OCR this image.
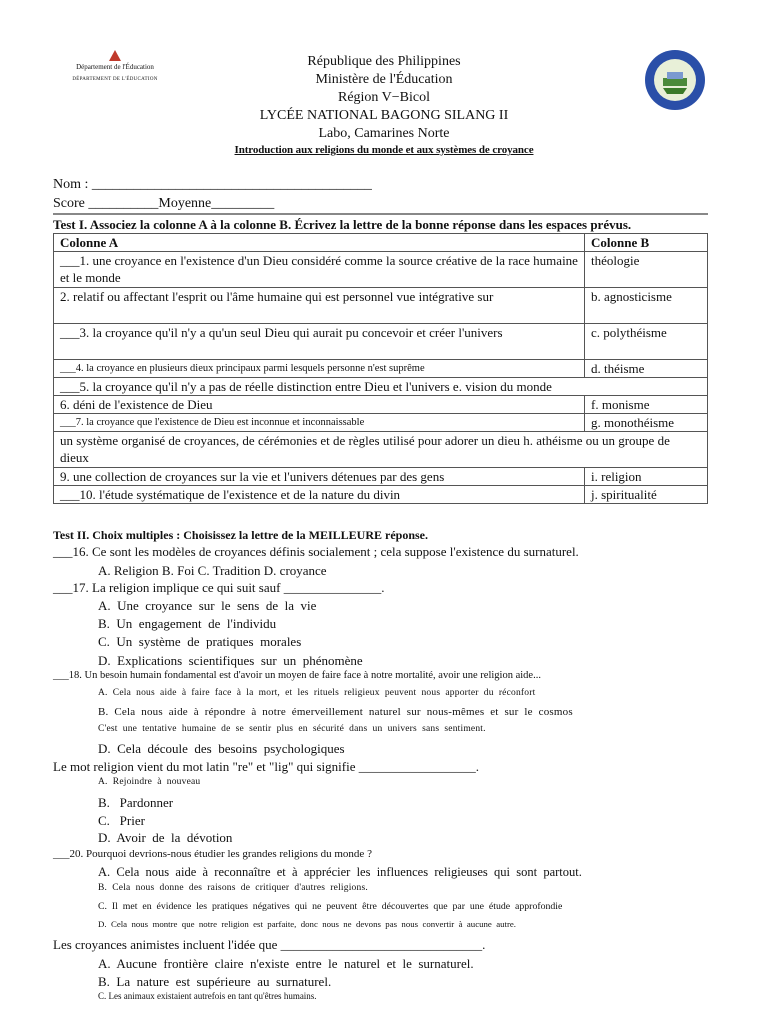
Département de l'Éducation
DÉPARTEMENT DE L'ÉDUCATION
République des Philippines
Ministère de l'Éducation
Région V−Bicol
LYCÉE NATIONAL BAGONG SILANG II
Labo, Camarines Norte
Introduction aux religions du monde et aux systèmes de croyance
Nom : ________________________________________
Score __________Moyenne_________
Test I. Associez la colonne A à la colonne B. Écrivez la lettre de la bonne réponse dans les espaces prévus.
Colonne A	Colonne B
___1. une croyance en l'existence d'un Dieu considéré comme la source créative de la race humaine et le monde	théologie
2. relatif ou affectant l'esprit ou l'âme humaine qui est personnel vue intégrative sur	b. agnosticisme
___3. la croyance qu'il n'y a qu'un seul Dieu qui aurait pu concevoir et créer l'univers	c. polythéisme
___4. la croyance en plusieurs dieux principaux parmi lesquels personne n'est suprême	d. théisme
___5. la croyance qu'il n'y a pas de réelle distinction entre Dieu et l'univers e. vision du monde	
6. déni de l'existence de Dieu	f. monisme
___7. la croyance que l'existence de Dieu est inconnue et inconnaissable	g. monothéisme
un système organisé de croyances, de cérémonies et de règles utilisé pour adorer un dieu h. athéisme ou un groupe de dieux	
9. une collection de croyances sur la vie et l'univers détenues par des gens	i. religion
___10. l'étude systématique de l'existence et de la nature du divin	j. spiritualité
Test II. Choix multiples : Choisissez la lettre de la MEILLEURE réponse.
___16. Ce sont les modèles de croyances définis socialement ; cela suppose l'existence du surnaturel.
A. Religion B. Foi C. Tradition D. croyance
___17. La religion implique ce qui suit sauf _______________.
A.  Une  croyance  sur  le  sens  de  la  vie
B.  Un  engagement  de  l'individu
C.  Un  système  de  pratiques  morales
D.  Explications  scientifiques  sur  un  phénomène
___18. Un besoin humain fondamental est d'avoir un moyen de faire face à notre mortalité, avoir une religion aide...
A.  Cela  nous  aide  à  faire  face  à  la  mort,  et  les  rituels  religieux  peuvent  nous  apporter  du  réconfort
B.  Cela  nous  aide  à  répondre  à  notre  émerveillement  naturel  sur  nous-mêmes  et  sur  le  cosmos
C'est  une  tentative  humaine  de  se  sentir  plus  en  sécurité  dans  un  univers  sans  sentiment.
D.  Cela  découle  des  besoins  psychologiques
Le mot religion vient du mot latin "re" et "lig" qui signifie __________________.
A.  Rejoindre  à  nouveau
B.   Pardonner
C.   Prier
D.  Avoir  de  la  dévotion
___20. Pourquoi devrions-nous étudier les grandes religions du monde ?
A.  Cela  nous  aide  à  reconnaître  et  à  apprécier  les  influences  religieuses  qui  sont  partout.
B.  Cela  nous  donne  des  raisons  de  critiquer  d'autres  religions.
C.  Il  met  en  évidence  les  pratiques  négatives  qui  ne  peuvent  être  découvertes  que  par  une  étude  approfondie
D.  Cela  nous  montre  que  notre  religion  est  parfaite,  donc  nous  ne  devons  pas  nous  convertir  à  aucune  autre.
Les croyances animistes incluent l'idée que _______________________________.
A.  Aucune  frontière  claire  n'existe  entre  le  naturel  et  le  surnaturel.
B.  La  nature  est  supérieure  au  surnaturel.
C. Les animaux existaient autrefois en tant qu'êtres humains.
